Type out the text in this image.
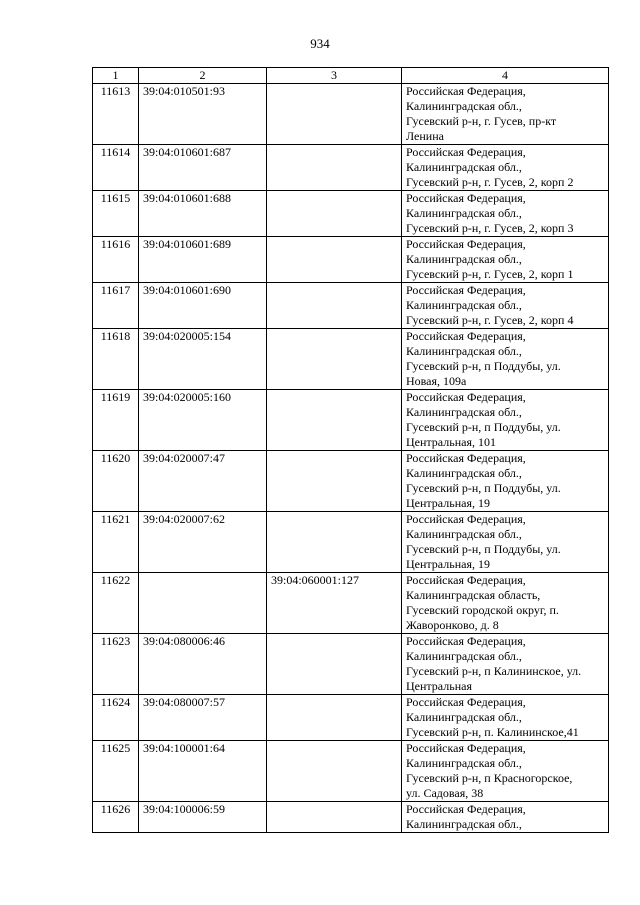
934
1	2	3	4
11613	39:04:010501:93		Российская Федерация,
Калининградская обл.,
Гусевский р-н, г. Гусев, пр-кт
Ленина

11614	39:04:010601:687		Российская Федерация,
Калининградская обл.,
Гусевский р-н, г. Гусев, 2, корп 2

11615	39:04:010601:688		Российская Федерация,
Калининградская обл.,
Гусевский р-н, г. Гусев, 2, корп 3

11616	39:04:010601:689		Российская Федерация,
Калининградская обл.,
Гусевский р-н, г. Гусев, 2, корп 1

11617	39:04:010601:690		Российская Федерация,
Калининградская обл.,
Гусевский р-н, г. Гусев, 2, корп 4

11618	39:04:020005:154		Российская Федерация,
Калининградская обл.,
Гусевский р-н, п Поддубы, ул.
Новая, 109а

11619	39:04:020005:160		Российская Федерация,
Калининградская обл.,
Гусевский р-н, п Поддубы, ул.
Центральная, 101

11620	39:04:020007:47		Российская Федерация,
Калининградская обл.,
Гусевский р-н, п Поддубы, ул.
Центральная, 19

11621	39:04:020007:62		Российская Федерация,
Калининградская обл.,
Гусевский р-н, п Поддубы, ул.
Центральная, 19

11622		39:04:060001:127	Российская Федерация,
Калининградская область,
Гусевский городской округ, п.
Жаворонково, д. 8

11623	39:04:080006:46		Российская Федерация,
Калининградская обл.,
Гусевский р-н, п Калининское, ул.
Центральная

11624	39:04:080007:57		Российская Федерация,
Калининградская обл.,
Гусевский р-н, п. Калининское,41

11625	39:04:100001:64		Российская Федерация,
Калининградская обл.,
Гусевский р-н, п Красногорское,
ул. Садовая, 38

11626	39:04:100006:59		Российская Федерация,
Калининградская обл.,
